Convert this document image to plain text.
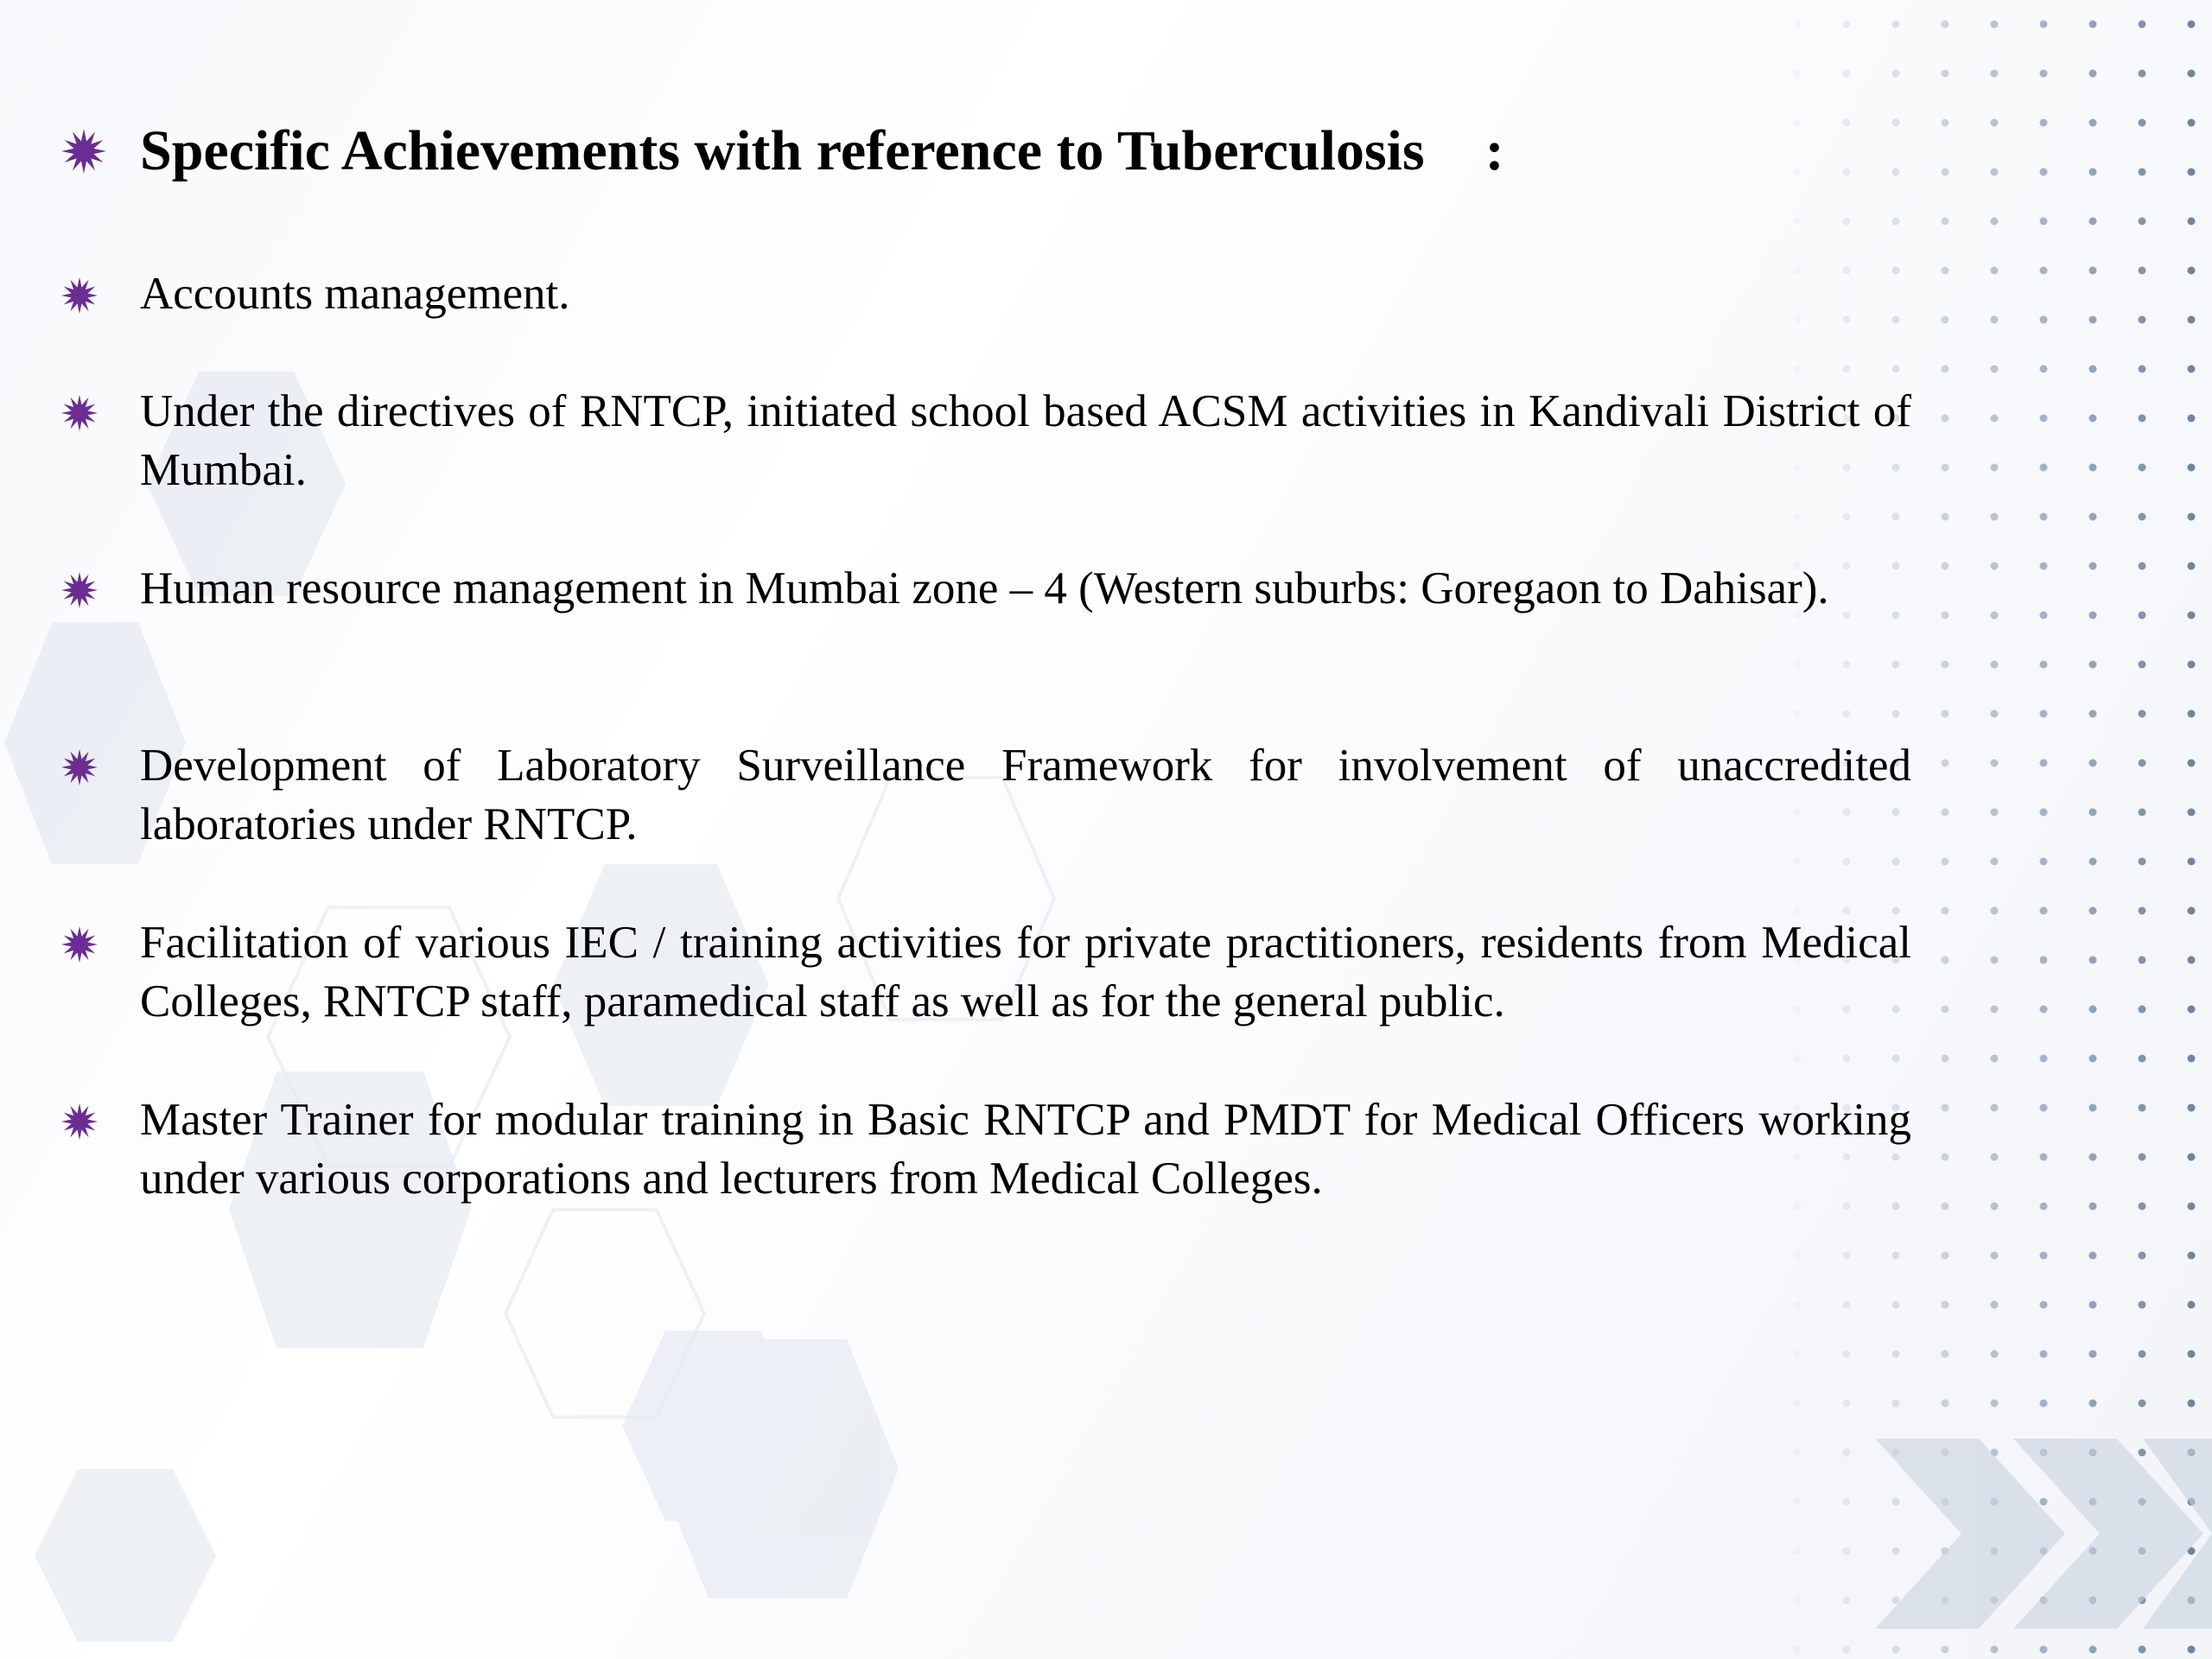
Specific Achievements with reference to Tuberculosis :
Accounts management.
Under the directives of RNTCP, initiated school based ACSM activities in Kandivali District of Mumbai.
Human resource management in Mumbai zone – 4 (Western suburbs: Goregaon to Dahisar).
Development of Laboratory Surveillance Framework for involvement of unaccredited laboratories under RNTCP.
Facilitation of various IEC / training activities for private practitioners, residents from Medical Colleges, RNTCP staff, paramedical staff as well as for the general public.
Master Trainer for modular training in Basic RNTCP and PMDT for Medical Officers working under various corporations and lecturers from Medical Colleges.
